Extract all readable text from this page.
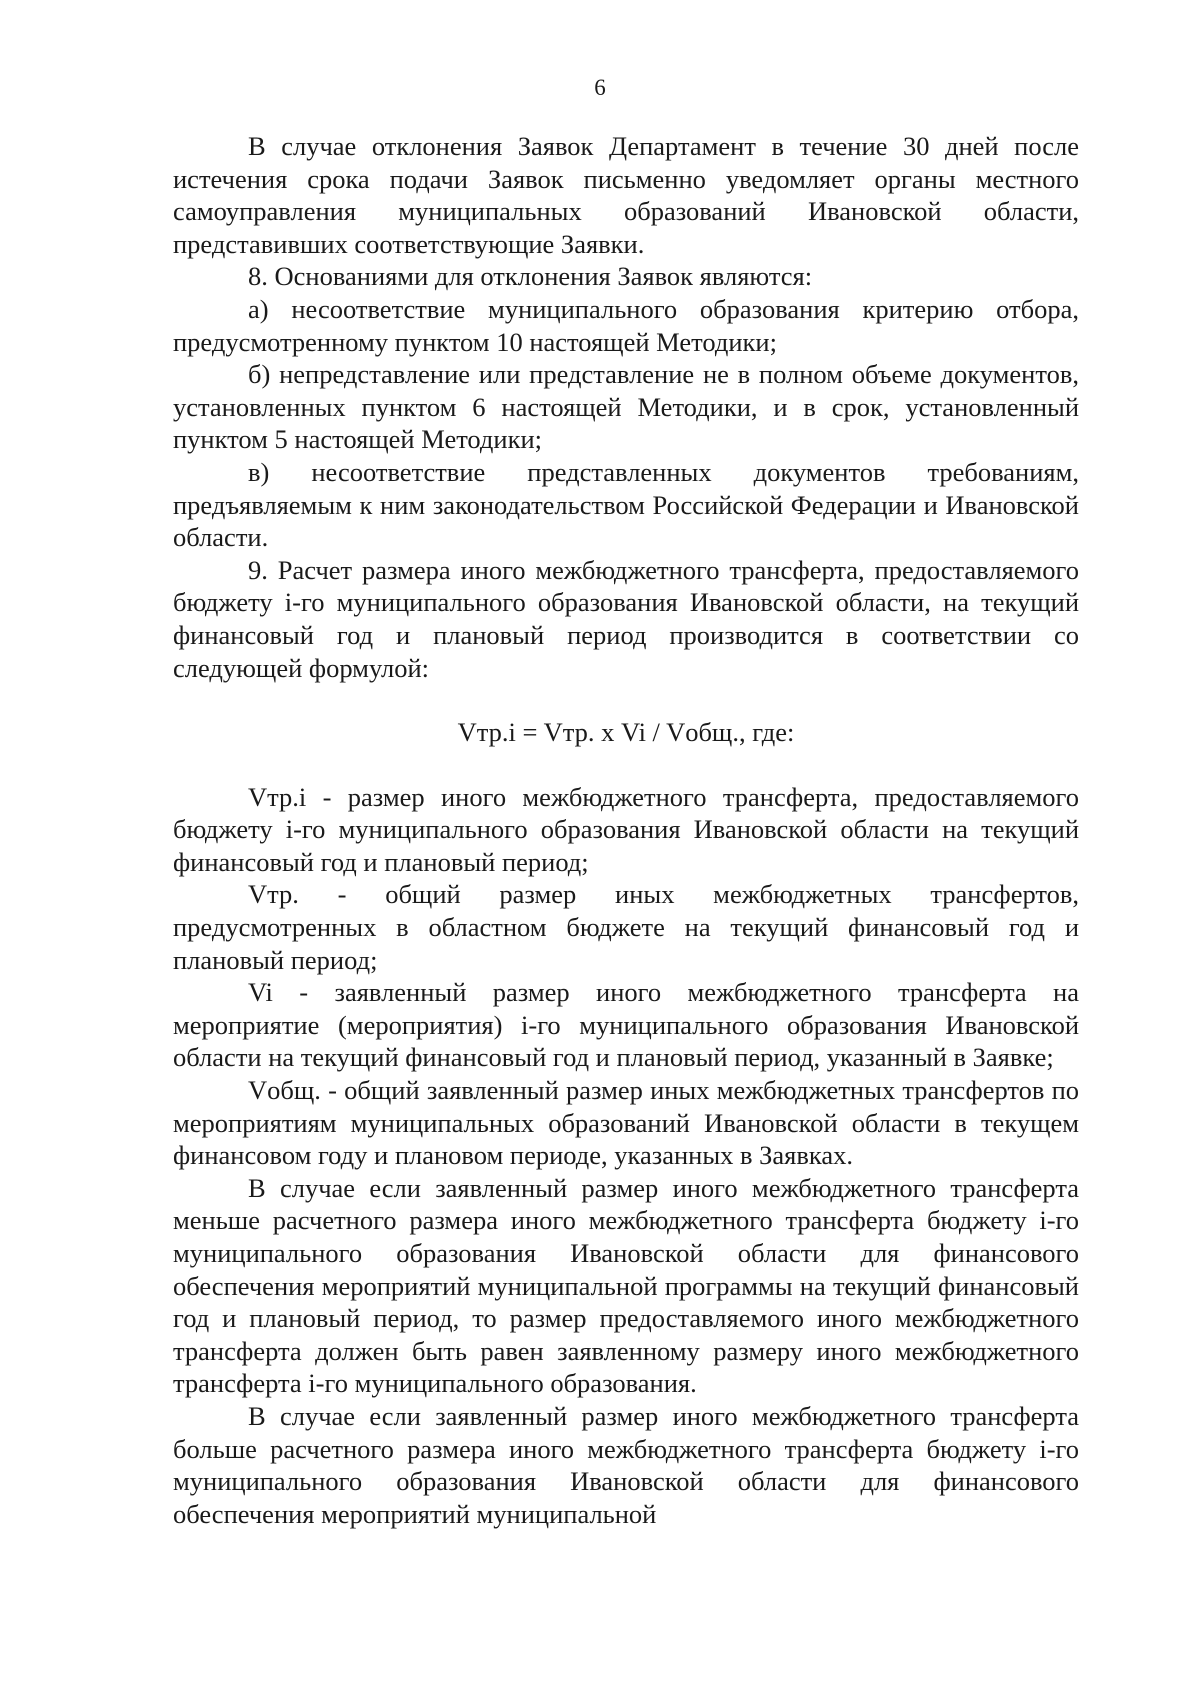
6

В случае отклонения Заявок Департамент в течение 30 дней после истечения срока подачи Заявок письменно уведомляет органы местного самоуправления муниципальных образований Ивановской области, представивших соответствующие Заявки.

8. Основаниями для отклонения Заявок являются:

а) несоответствие муниципального образования критерию отбора, предусмотренному пунктом 10 настоящей Методики;

б) непредставление или представление не в полном объеме документов, установленных пунктом 6 настоящей Методики, и в срок, установленный пунктом 5 настоящей Методики;

в) несоответствие представленных документов требованиям, предъявляемым к ним законодательством Российской Федерации и Ивановской области.

9. Расчет размера иного межбюджетного трансферта, предоставляемого бюджету i-го муниципального образования Ивановской области, на текущий финансовый год и плановый период производится в соответствии со следующей формулой:

Vтр.i = Vтр. х Vi / Vобщ., где:

Vтр.i - размер иного межбюджетного трансферта, предоставляемого бюджету i-го муниципального образования Ивановской области на текущий финансовый год и плановый период;

Vтр. - общий размер иных межбюджетных трансфертов, предусмотренных в областном бюджете на текущий финансовый год и плановый период;

Vi - заявленный размер иного межбюджетного трансферта на мероприятие (мероприятия) i-го муниципального образования Ивановской области на текущий финансовый год и плановый период, указанный в Заявке;

Vобщ. - общий заявленный размер иных межбюджетных трансфертов по мероприятиям муниципальных образований Ивановской области в текущем финансовом году и плановом периоде, указанных в Заявках.

В случае если заявленный размер иного межбюджетного трансферта меньше расчетного размера иного межбюджетного трансферта бюджету i-го муниципального образования Ивановской области для финансового обеспечения мероприятий муниципальной программы на текущий финансовый год и плановый период, то размер предоставляемого иного межбюджетного трансферта должен быть равен заявленному размеру иного межбюджетного трансферта i-го муниципального образования.

В случае если заявленный размер иного межбюджетного трансферта больше расчетного размера иного межбюджетного трансферта бюджету i-го муниципального образования Ивановской области для финансового обеспечения мероприятий муниципальной
